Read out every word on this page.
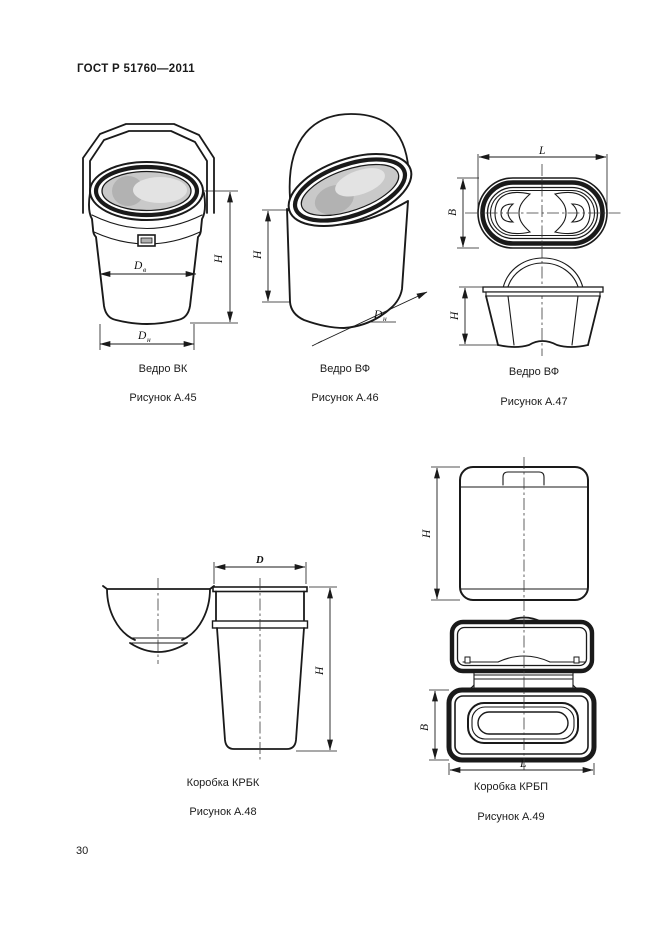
ГОСТ Р 51760—2011
H
D в
D н
H
D н
L
B
H
D
H
H
B
L
Ведро ВК
Рисунок А.45
Ведро ВФ
Рисунок А.46
Ведро ВФ
Рисунок А.47
Коробка КРБК
Рисунок А.48
Коробка КРБП
Рисунок А.49
30
